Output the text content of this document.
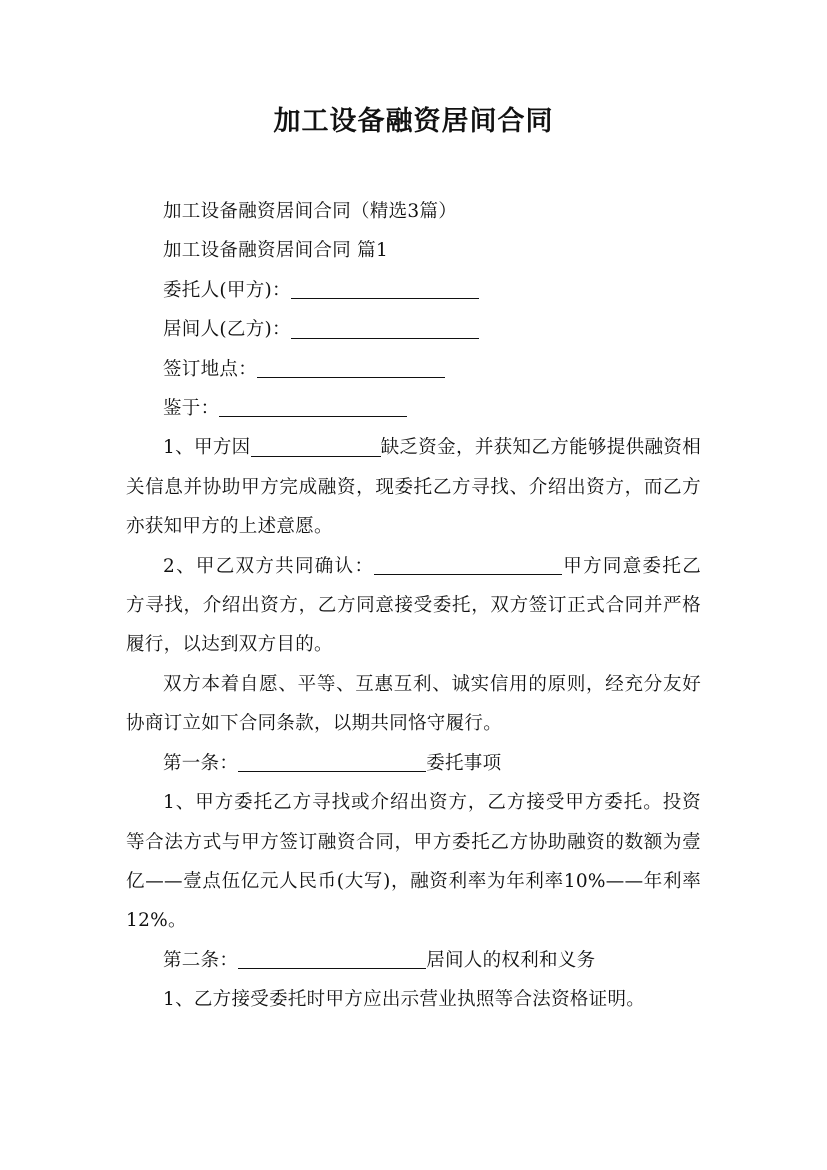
加工设备融资居间合同

加工设备融资居间合同（精选3篇）

加工设备融资居间合同 篇1

委托人(甲方)：

居间人(乙方)：

签订地点：

鉴于：

1、甲方因	缺乏资金，并获知乙方能够提供融资相关信息并协助甲方完成融资，现委托乙方寻找、介绍出资方，而乙方亦获知甲方的上述意愿。

2、甲乙双方共同确认：	甲方同意委托乙方寻找，介绍出资方，乙方同意接受委托，双方签订正式合同并严格履行，以达到双方目的。

双方本着自愿、平等、互惠互利、诚实信用的原则，经充分友好协商订立如下合同条款，以期共同恪守履行。

第一条：	委托事项

1、甲方委托乙方寻找或介绍出资方，乙方接受甲方委托。投资等合法方式与甲方签订融资合同，甲方委托乙方协助融资的数额为壹亿——壹点伍亿元人民币(大写)，融资利率为年利率10%——年利率12%。

第二条：	居间人的权利和义务

1、乙方接受委托时甲方应出示营业执照等合法资格证明。
